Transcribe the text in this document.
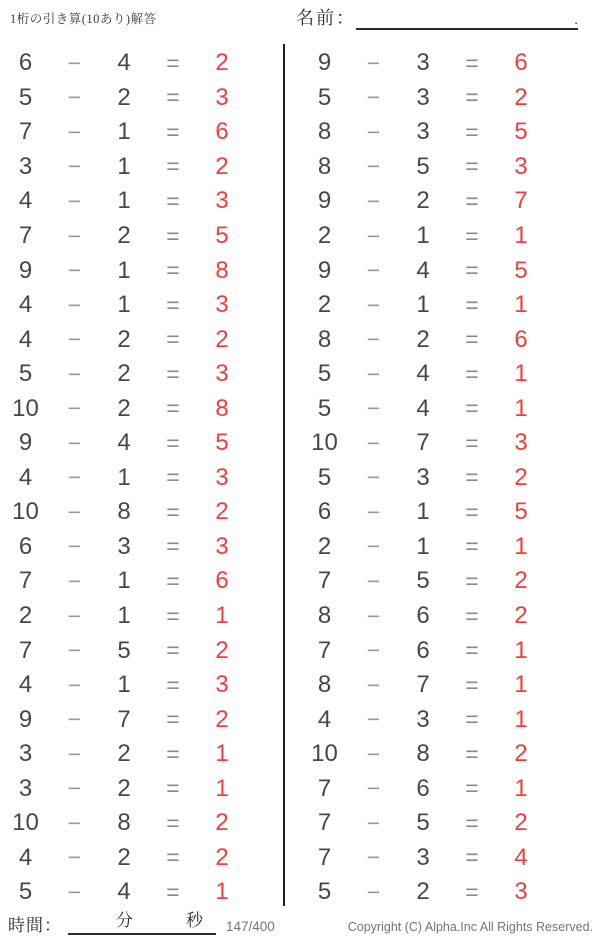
1桁の引き算(10あり)解答	名前：	.
6	−	4	=	2
5	−	2	=	3
7	−	1	=	6
3	−	1	=	2
4	−	1	=	3
7	−	2	=	5
9	−	1	=	8
4	−	1	=	3
4	−	2	=	2
5	−	2	=	3
10	−	2	=	8
9	−	4	=	5
4	−	1	=	3
10	−	8	=	2
6	−	3	=	3
7	−	1	=	6
2	−	1	=	1
7	−	5	=	2
4	−	1	=	3
9	−	7	=	2
3	−	2	=	1
3	−	2	=	1
10	−	8	=	2
4	−	2	=	2
5	−	4	=	1
9	−	3	=	6
5	−	3	=	2
8	−	3	=	5
8	−	5	=	3
9	−	2	=	7
2	−	1	=	1
9	−	4	=	5
2	−	1	=	1
8	−	2	=	6
5	−	4	=	1
5	−	4	=	1
10	−	7	=	3
5	−	3	=	2
6	−	1	=	5
2	−	1	=	1
7	−	5	=	2
8	−	6	=	2
7	−	6	=	1
8	−	7	=	1
4	−	3	=	1
10	−	8	=	2
7	−	6	=	1
7	−	5	=	2
7	−	3	=	4
5	−	2	=	3
時間：	分	秒 147/400	Copyright (C) Alpha.Inc All Rights Reserved.
